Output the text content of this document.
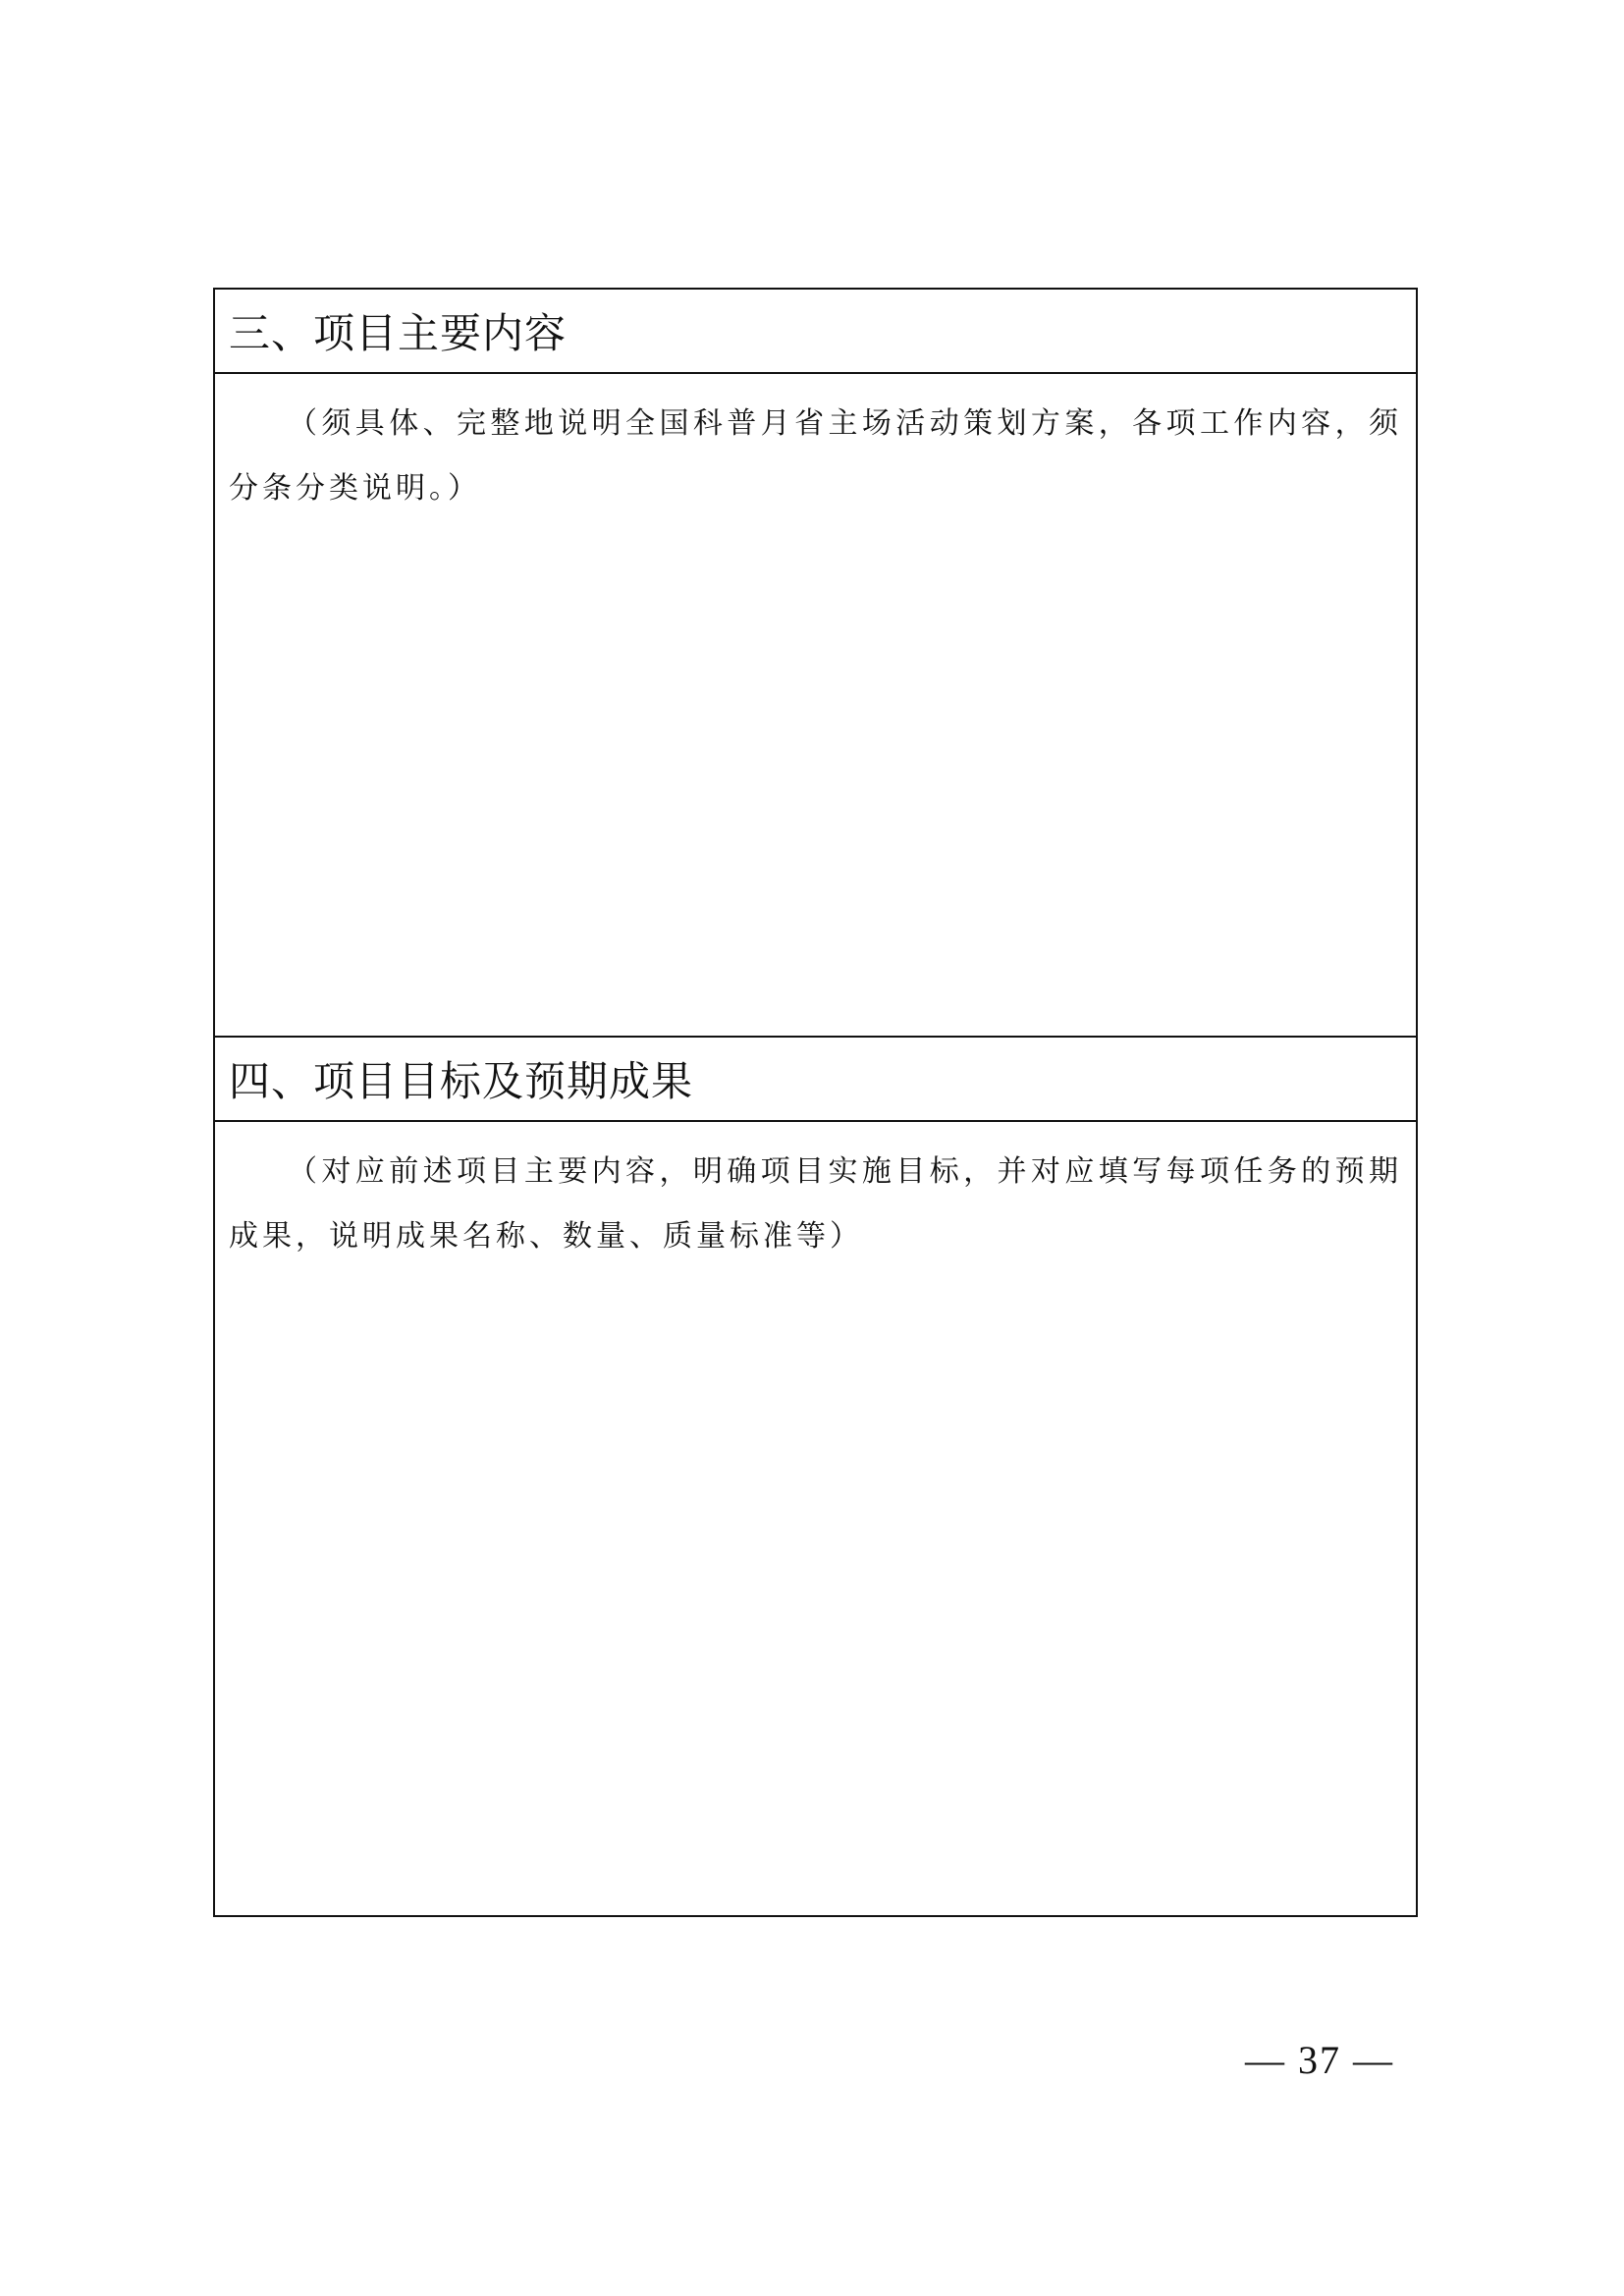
三、项目主要内容
（须具体、完整地说明全国科普月省主场活动策划方案，各项工作内容，须分条分类说明。）
四、项目目标及预期成果
（对应前述项目主要内容，明确项目实施目标，并对应填写每项任务的预期成果，说明成果名称、数量、质量标准等）
— 37 —
